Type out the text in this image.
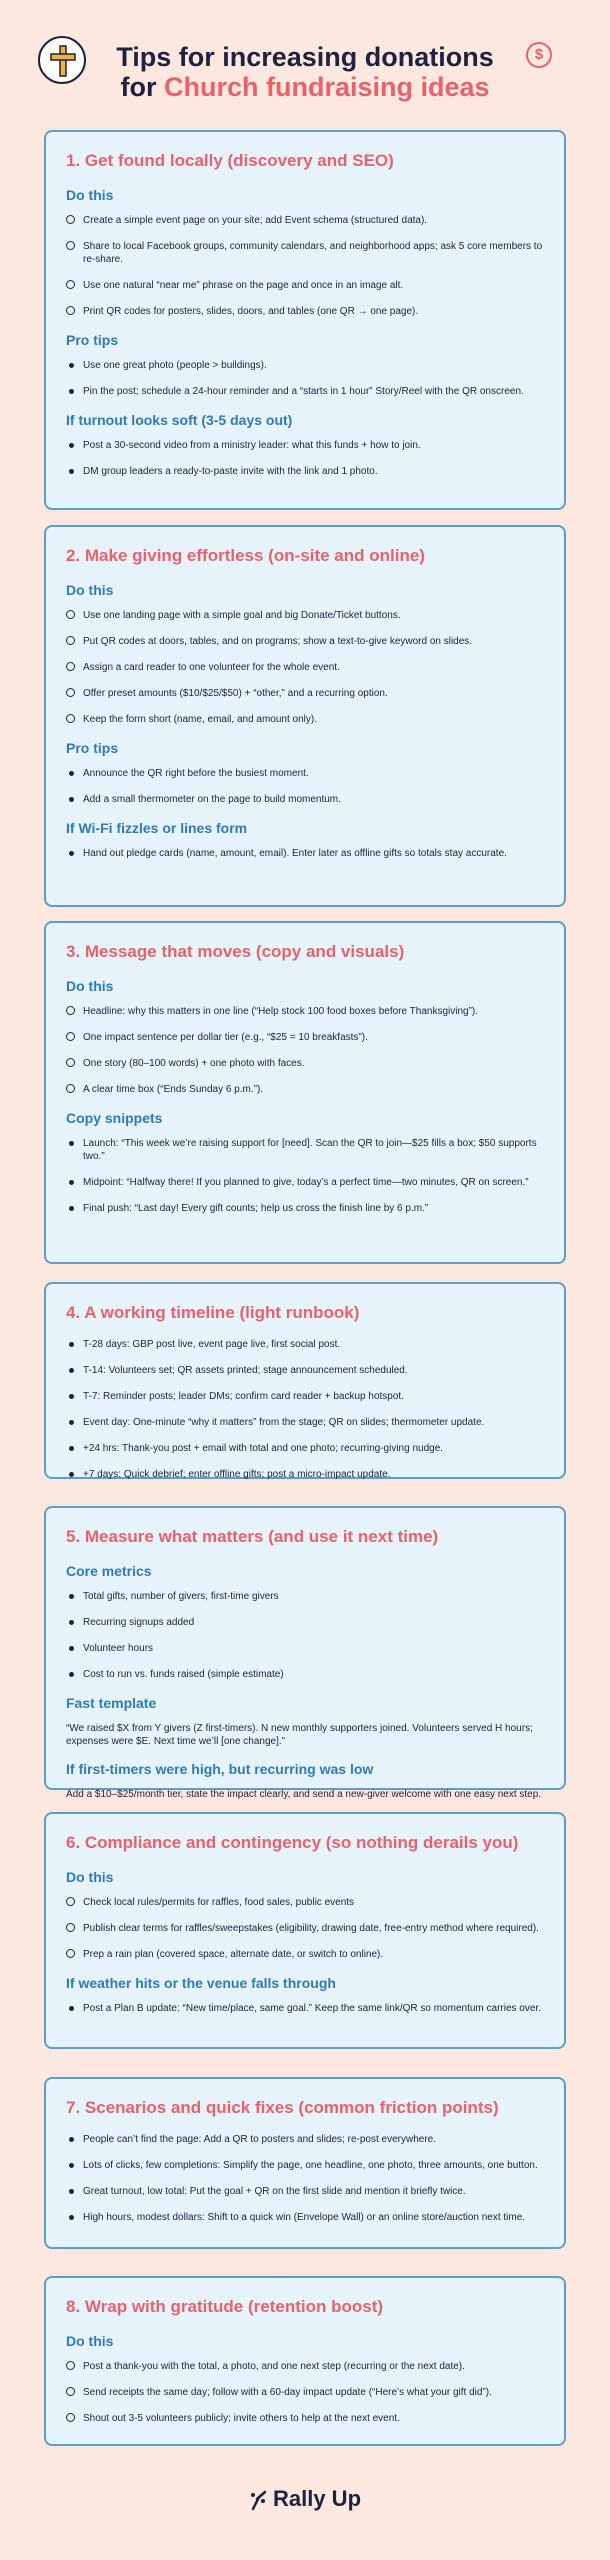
$
Tips for increasing donations
for Church fundraising ideas
1. Get found locally (discovery and SEO)
Do this
Create a simple event page on your site; add Event schema (structured data).
Share to local Facebook groups, community calendars, and neighborhood apps; ask 5 core members to re-share.
Use one natural “near me” phrase on the page and once in an image alt.
Print QR codes for posters, slides, doors, and tables (one QR → one page).
Pro tips
Use one great photo (people > buildings).
Pin the post; schedule a 24-hour reminder and a “starts in 1 hour” Story/Reel with the QR onscreen.
If turnout looks soft (3-5 days out)
Post a 30-second video from a ministry leader: what this funds + how to join.
DM group leaders a ready-to-paste invite with the link and 1 photo.
2. Make giving effortless (on-site and online)
Do this
Use one landing page with a simple goal and big Donate/Ticket buttons.
Put QR codes at doors, tables, and on programs; show a text-to-give keyword on slides.
Assign a card reader to one volunteer for the whole event.
Offer preset amounts ($10/$25/$50) + “other,” and a recurring option.
Keep the form short (name, email, and amount only).
Pro tips
Announce the QR right before the busiest moment.
Add a small thermometer on the page to build momentum.
If Wi-Fi fizzles or lines form
Hand out pledge cards (name, amount, email). Enter later as offline gifts so totals stay accurate.
3. Message that moves (copy and visuals)
Do this
Headline: why this matters in one line (“Help stock 100 food boxes before Thanksgiving”).
One impact sentence per dollar tier (e.g., “$25 = 10 breakfasts”).
One story (80–100 words) + one photo with faces.
A clear time box (“Ends Sunday 6 p.m.”).
Copy snippets
Launch: “This week we’re raising support for [need]. Scan the QR to join—$25 fills a box; $50 supports two.”
Midpoint: “Halfway there! If you planned to give, today’s a perfect time—two minutes, QR on screen.”
Final push: “Last day! Every gift counts; help us cross the finish line by 6 p.m.”
4. A working timeline (light runbook)
T-28 days: GBP post live, event page live, first social post.
T-14: Volunteers set; QR assets printed; stage announcement scheduled.
T-7: Reminder posts; leader DMs; confirm card reader + backup hotspot.
Event day: One-minute “why it matters” from the stage; QR on slides; thermometer update.
+24 hrs: Thank-you post + email with total and one photo; recurring-giving nudge.
+7 days: Quick debrief; enter offline gifts; post a micro-impact update.
5. Measure what matters (and use it next time)
Core metrics
Total gifts, number of givers, first-time givers
Recurring signups added
Volunteer hours
Cost to run vs. funds raised (simple estimate)
Fast template

“We raised $X from Y givers (Z first-timers). N new monthly supporters joined. Volunteers served H hours; expenses were $E. Next time we’ll [one change].”

If first-timers were high, but recurring was low

Add a $10–$25/month tier, state the impact clearly, and send a new-giver welcome with one easy next step.

6. Compliance and contingency (so nothing derails you)
Do this
Check local rules/permits for raffles, food sales, public events
Publish clear terms for raffles/sweepstakes (eligibility, drawing date, free-entry method where required).
Prep a rain plan (covered space, alternate date, or switch to online).
If weather hits or the venue falls through
Post a Plan B update: “New time/place, same goal.” Keep the same link/QR so momentum carries over.
7. Scenarios and quick fixes (common friction points)
People can’t find the page: Add a QR to posters and slides; re-post everywhere.
Lots of clicks, few completions: Simplify the page, one headline, one photo, three amounts, one button.
Great turnout, low total: Put the goal + QR on the first slide and mention it briefly twice.
High hours, modest dollars: Shift to a quick win (Envelope Wall) or an online store/auction next time.
8. Wrap with gratitude (retention boost)
Do this
Post a thank-you with the total, a photo, and one next step (recurring or the next date).
Send receipts the same day; follow with a 60-day impact update (“Here’s what your gift did”).
Shout out 3-5 volunteers publicly; invite others to help at the next event.
Rally Up
